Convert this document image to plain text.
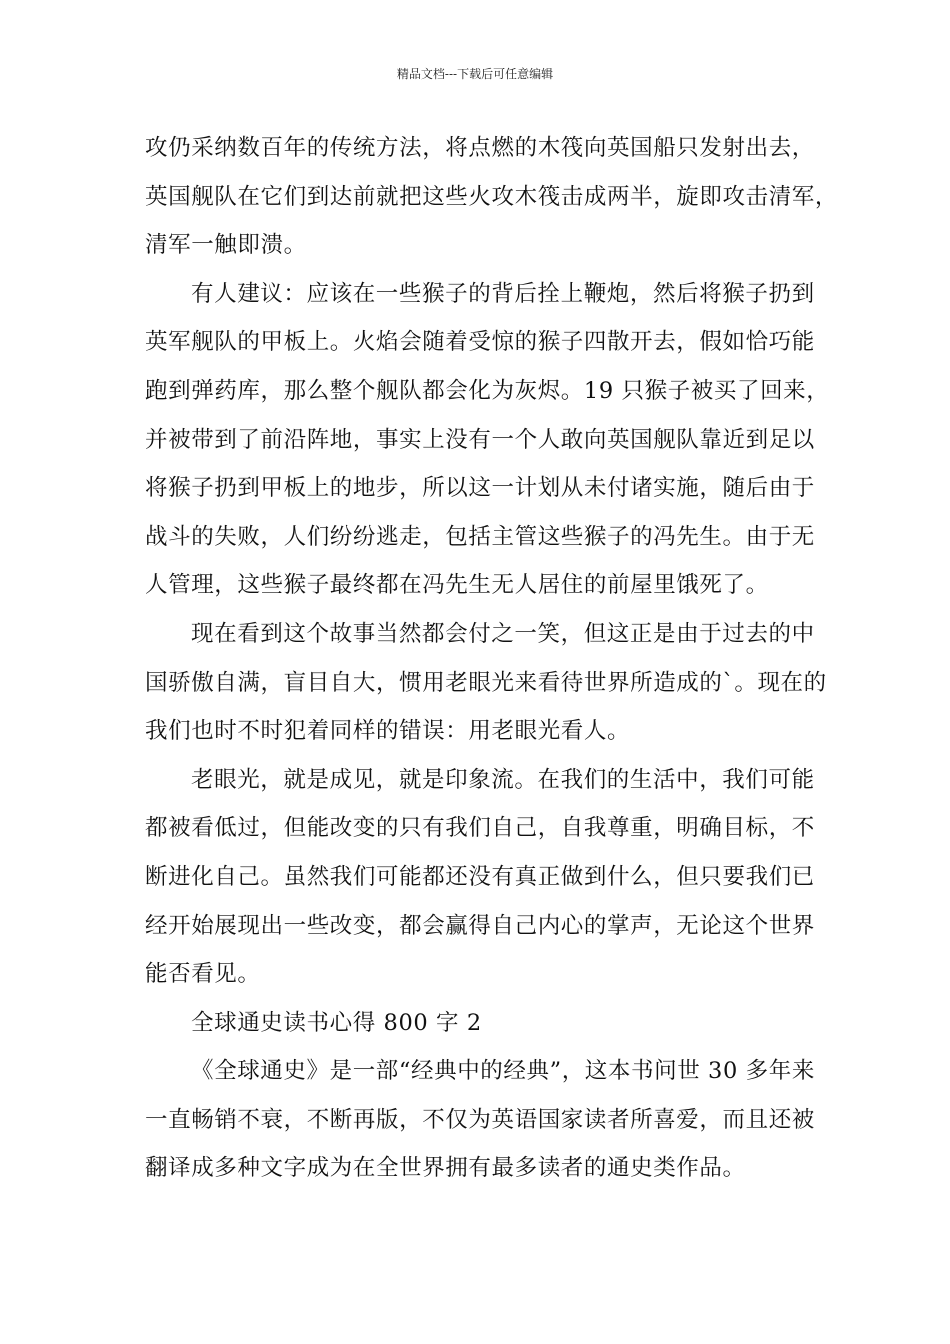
精品文档---下载后可任意编辑
攻仍采纳数百年的传统方法，将点燃的木筏向英国船只发射出去，
英国舰队在它们到达前就把这些火攻木筏击成两半，旋即攻击清军，
清军一触即溃。
有人建议：应该在一些猴子的背后拴上鞭炮，然后将猴子扔到
英军舰队的甲板上。火焰会随着受惊的猴子四散开去，假如恰巧能
跑到弹药库，那么整个舰队都会化为灰烬。19 只猴子被买了回来，
并被带到了前沿阵地，事实上没有一个人敢向英国舰队靠近到足以
将猴子扔到甲板上的地步，所以这一计划从未付诸实施，随后由于
战斗的失败，人们纷纷逃走，包括主管这些猴子的冯先生。由于无
人管理，这些猴子最终都在冯先生无人居住的前屋里饿死了。
现在看到这个故事当然都会付之一笑，但这正是由于过去的中
国骄傲自满，盲目自大，惯用老眼光来看待世界所造成的`。现在的
我们也时不时犯着同样的错误：用老眼光看人。
老眼光，就是成见，就是印象流。在我们的生活中，我们可能
都被看低过，但能改变的只有我们自己，自我尊重，明确目标，不
断进化自己。虽然我们可能都还没有真正做到什么，但只要我们已
经开始展现出一些改变，都会赢得自己内心的掌声，无论这个世界
能否看见。
全球通史读书心得 800 字 2
《全球通史》是一部“经典中的经典”，这本书问世 30 多年来
一直畅销不衰，不断再版，不仅为英语国家读者所喜爱，而且还被
翻译成多种文字成为在全世界拥有最多读者的通史类作品。
